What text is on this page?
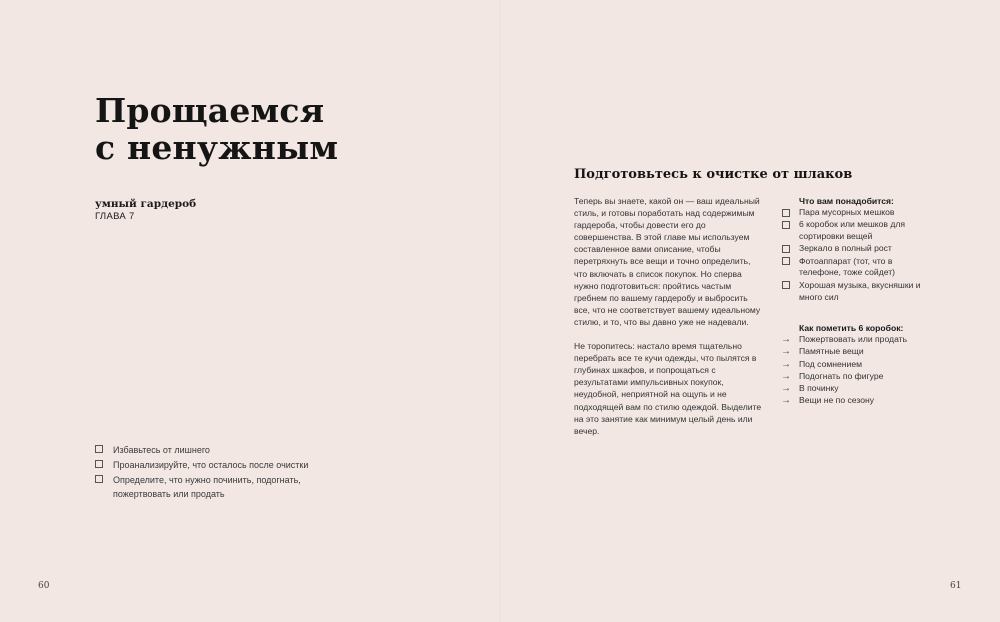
Прощаемся
с ненужным
умный гардероб
ГЛАВА 7
Избавьтесь от лишнего
Проанализируйте, что осталось после очистки
Определите, что нужно починить, подогнать, пожертвовать или продать
60
Подготовьтесь к очистке от шлаков

Теперь вы знаете, какой он — ваш идеальный стиль, и готовы поработать над содержимым гардероба, чтобы довести его до совершенства. В этой главе мы используем составленное вами описание, чтобы перетряхнуть все вещи и точно определить, что включать в список покупок. Но сперва нужно подготовиться: пройтись частым гребнем по вашему гардеробу и выбросить все, что не соответствует вашему идеальному стилю, и то, что вы давно уже не надевали.

Не торопитесь: настало время тщательно перебрать все те кучи одежды, что пылятся в глубинах шкафов, и попрощаться с результатами импульсивных покупок, неудобной, неприятной на ощупь и не подходящей вам по стилю одеждой. Выделите на это занятие как минимум целый день или вечер.

Что вам понадобится:
Пара мусорных мешков
6 коробок или мешков для сортировки вещей
Зеркало в полный рост
Фотоаппарат (тот, что в телефоне, тоже сойдет)
Хорошая музыка, вкусняшки и много сил
Как пометить 6 коробок:
→ Пожертвовать или продать
→ Памятные вещи
→ Под сомнением
→ Подогнать по фигуре
→ В починку
→ Вещи не по сезону
61
